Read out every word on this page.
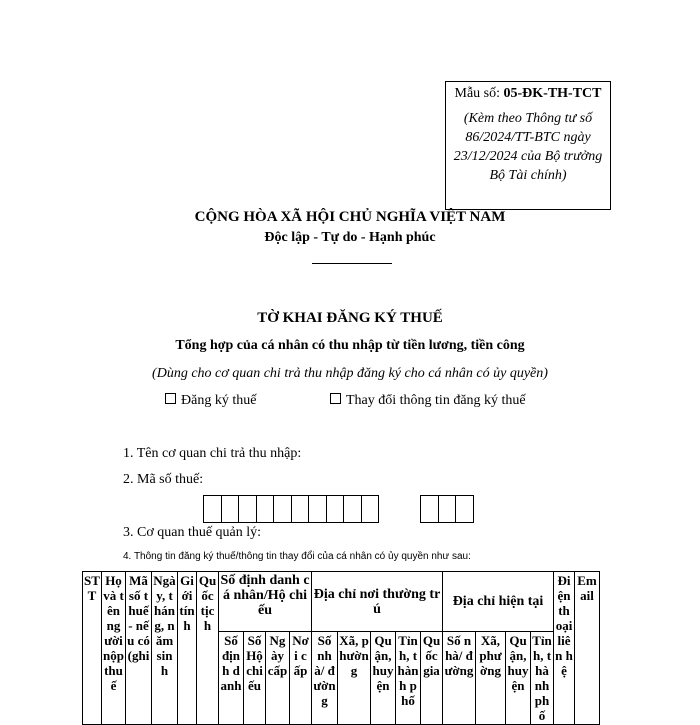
Mẫu số: 05-ĐK-TH-TCT
(Kèm theo Thông tư số 86/2024/TT-BTC ngày 23/12/2024 của Bộ trưởng Bộ Tài chính)
CỘNG HÒA XÃ HỘI CHỦ NGHĨA VIỆT NAM
Độc lập - Tự do - Hạnh phúc
TỜ KHAI ĐĂNG KÝ THUẾ
Tổng hợp của cá nhân có thu nhập từ tiền lương, tiền công
(Dùng cho cơ quan chi trả thu nhập đăng ký cho cá nhân có ủy quyền)
Đăng ký thuế	Thay đổi thông tin đăng ký thuế
1. Tên cơ quan chi trả thu nhập:
2. Mã số thuế:
3. Cơ quan thuế quản lý:
4. Thông tin đăng ký thuế/thông tin thay đổi của cá nhân có ủy quyền như sau:
STT	Họ và tên người nộp thuế	Mã số thuế - nếu có (ghi	Ngày, tháng, năm sinh	Giới tính	Quốc tịch	Số định danh cá nhân/Hộ chiếu				Địa chỉ nơi thường trú					Địa chỉ hiện tại				Điện thoại liên hệ	Email
						Số định danh	Số Hộ chiếu	Ngày cấp	Nơi cấp	Số nhà/ đường	Xã, phường	Quận, huyện	Tỉnh, thành phố	Quốc gia	Số nhà/ đường	Xã, phường	Quận, huyện	Tỉnh, thành phố		
